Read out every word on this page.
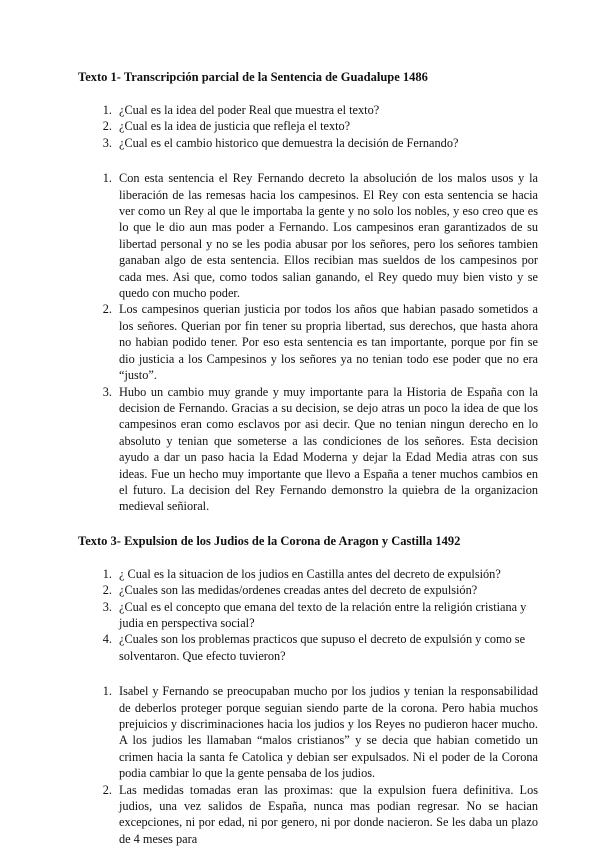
Texto 1- Transcripción parcial de la Sentencia de Guadalupe 1486
1. ¿Cual es la idea del poder Real que muestra el texto?
2. ¿Cual es la idea de justicia que refleja el texto?
3. ¿Cual es el cambio historico que demuestra la decisión de Fernando?
1. Con esta sentencia el Rey Fernando decreto la absolución de los malos usos y la liberación de las remesas hacia los campesinos. El Rey con esta sentencia se hacia ver como un Rey al que le importaba la gente y no solo los nobles, y eso creo que es lo que le dio aun mas poder a Fernando. Los campesinos eran garantizados de su libertad personal y no se les podia abusar por los señores, pero los señores tambien ganaban algo de esta sentencia. Ellos recibian mas sueldos de los campesinos por cada mes. Asi que, como todos salian ganando, el Rey quedo muy bien visto y se quedo con mucho poder.
2. Los campesinos querian justicia por todos los años que habian pasado sometidos a los señores. Querian por fin tener su propria libertad, sus derechos, que hasta ahora no habian podido tener. Por eso esta sentencia es tan importante, porque por fin se dio justicia a los Campesinos y los señores ya no tenian todo ese poder que no era “justo”.
3. Hubo un cambio muy grande y muy importante para la Historia de España con la decision de Fernando. Gracias a su decision, se dejo atras un poco la idea de que los campesinos eran como esclavos por asi decir. Que no tenian ningun derecho en lo absoluto y tenian que someterse a las condiciones de los señores. Esta decision ayudo a dar un paso hacia la Edad Moderna y dejar la Edad Media atras con sus ideas. Fue un hecho muy importante que llevo a España a tener muchos cambios en el futuro. La decision del Rey Fernando demonstro la quiebra de la organizacion medieval señioral.
Texto 3- Expulsion de los Judios de la Corona de Aragon y Castilla 1492
1. ¿ Cual es la situacion de los judios en Castilla antes del decreto de expulsión?
2. ¿Cuales son las medidas/ordenes creadas antes del decreto de expulsión?
3. ¿Cual es el concepto que emana del texto de la relación entre la religión cristiana y judia en perspectiva social?
4. ¿Cuales son los problemas practicos que supuso el decreto de expulsión y como se solventaron. Que efecto tuvieron?
1. Isabel y Fernando se preocupaban mucho por los judios y tenian la responsabilidad de deberlos proteger porque seguian siendo parte de la corona. Pero habia muchos prejuicios y discriminaciones hacia los judios y los Reyes no pudieron hacer mucho. A los judios les llamaban “malos cristianos” y se decia que habian cometido un crimen hacia la santa fe Catolica y debian ser expulsados. Ni el poder de la Corona podia cambiar lo que la gente pensaba de los judios.
2. Las medidas tomadas eran las proximas: que la expulsion fuera definitiva. Los judios, una vez salidos de España, nunca mas podian regresar. No se hacian excepciones, ni por edad, ni por genero, ni por donde nacieron. Se les daba un plazo de 4 meses para
